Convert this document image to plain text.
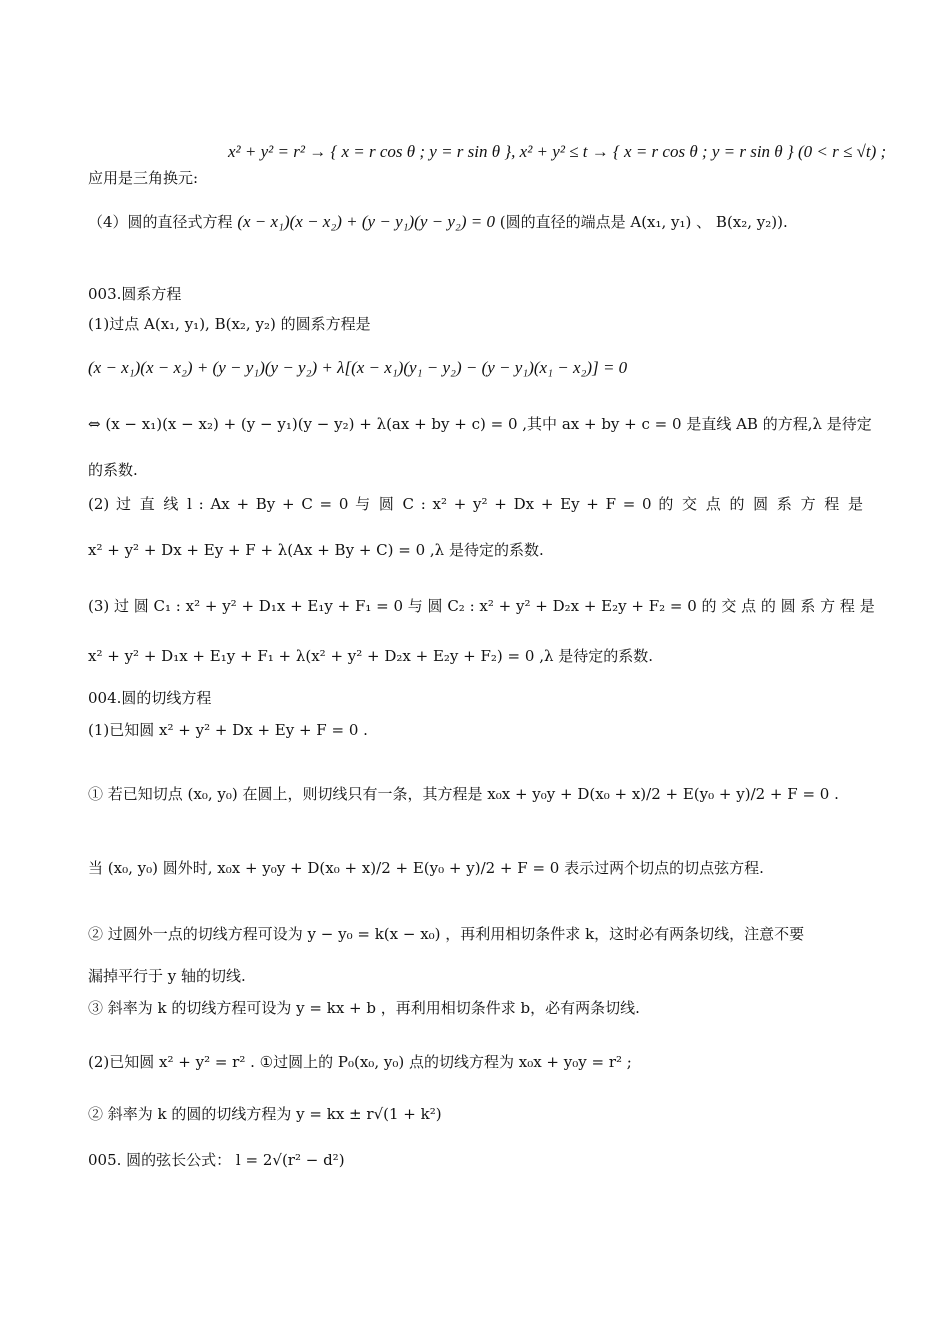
应用是三角换元:
x² + y² = r² → { x = r cos θ ; y = r sin θ }, x² + y² ≤ t → { x = r cos θ ; y = r sin θ } (0 < r ≤ √t) ;
（4）圆的直径式方程 (x − x₁)(x − x₂) + (y − y₁)(y − y₂) = 0 (圆的直径的端点是 A(x₁, y₁) 、 B(x₂, y₂)).
003.圆系方程
(1)过点 A(x₁, y₁), B(x₂, y₂) 的圆系方程是
(x − x₁)(x − x₂) + (y − y₁)(y − y₂) + λ[(x − x₁)(y₁ − y₂) − (y − y₁)(x₁ − x₂)] = 0
⇔ (x − x₁)(x − x₂) + (y − y₁)(y − y₂) + λ(ax + by + c) = 0 ,其中 ax + by + c = 0 是直线 AB 的方程,λ 是待定
的系数.
(2) 过 直 线 l : Ax + By + C = 0 与 圆 C : x² + y² + Dx + Ey + F = 0 的 交 点 的 圆 系 方 程 是
x² + y² + Dx + Ey + F + λ(Ax + By + C) = 0 ,λ 是待定的系数.
(3) 过 圆 C₁ : x² + y² + D₁x + E₁y + F₁ = 0 与 圆 C₂ : x² + y² + D₂x + E₂y + F₂ = 0 的 交 点 的 圆 系 方 程 是
x² + y² + D₁x + E₁y + F₁ + λ(x² + y² + D₂x + E₂y + F₂) = 0 ,λ 是待定的系数.
004.圆的切线方程
(1)已知圆 x² + y² + Dx + Ey + F = 0 .
① 若已知切点 (x₀, y₀) 在圆上，则切线只有一条，其方程是 x₀x + y₀y + D(x₀ + x)/2 + E(y₀ + y)/2 + F = 0 .
当 (x₀, y₀) 圆外时, x₀x + y₀y + D(x₀ + x)/2 + E(y₀ + y)/2 + F = 0 表示过两个切点的切点弦方程.
② 过圆外一点的切线方程可设为 y − y₀ = k(x − x₀) ，再利用相切条件求 k，这时必有两条切线，注意不要
漏掉平行于 y 轴的切线.
③ 斜率为 k 的切线方程可设为 y = kx + b ，再利用相切条件求 b，必有两条切线.
(2)已知圆 x² + y² = r² . ①过圆上的 P₀(x₀, y₀) 点的切线方程为 x₀x + y₀y = r² ;
② 斜率为 k 的圆的切线方程为 y = kx ± r√(1 + k²)
005. 圆的弦长公式： l = 2√(r² − d²)
